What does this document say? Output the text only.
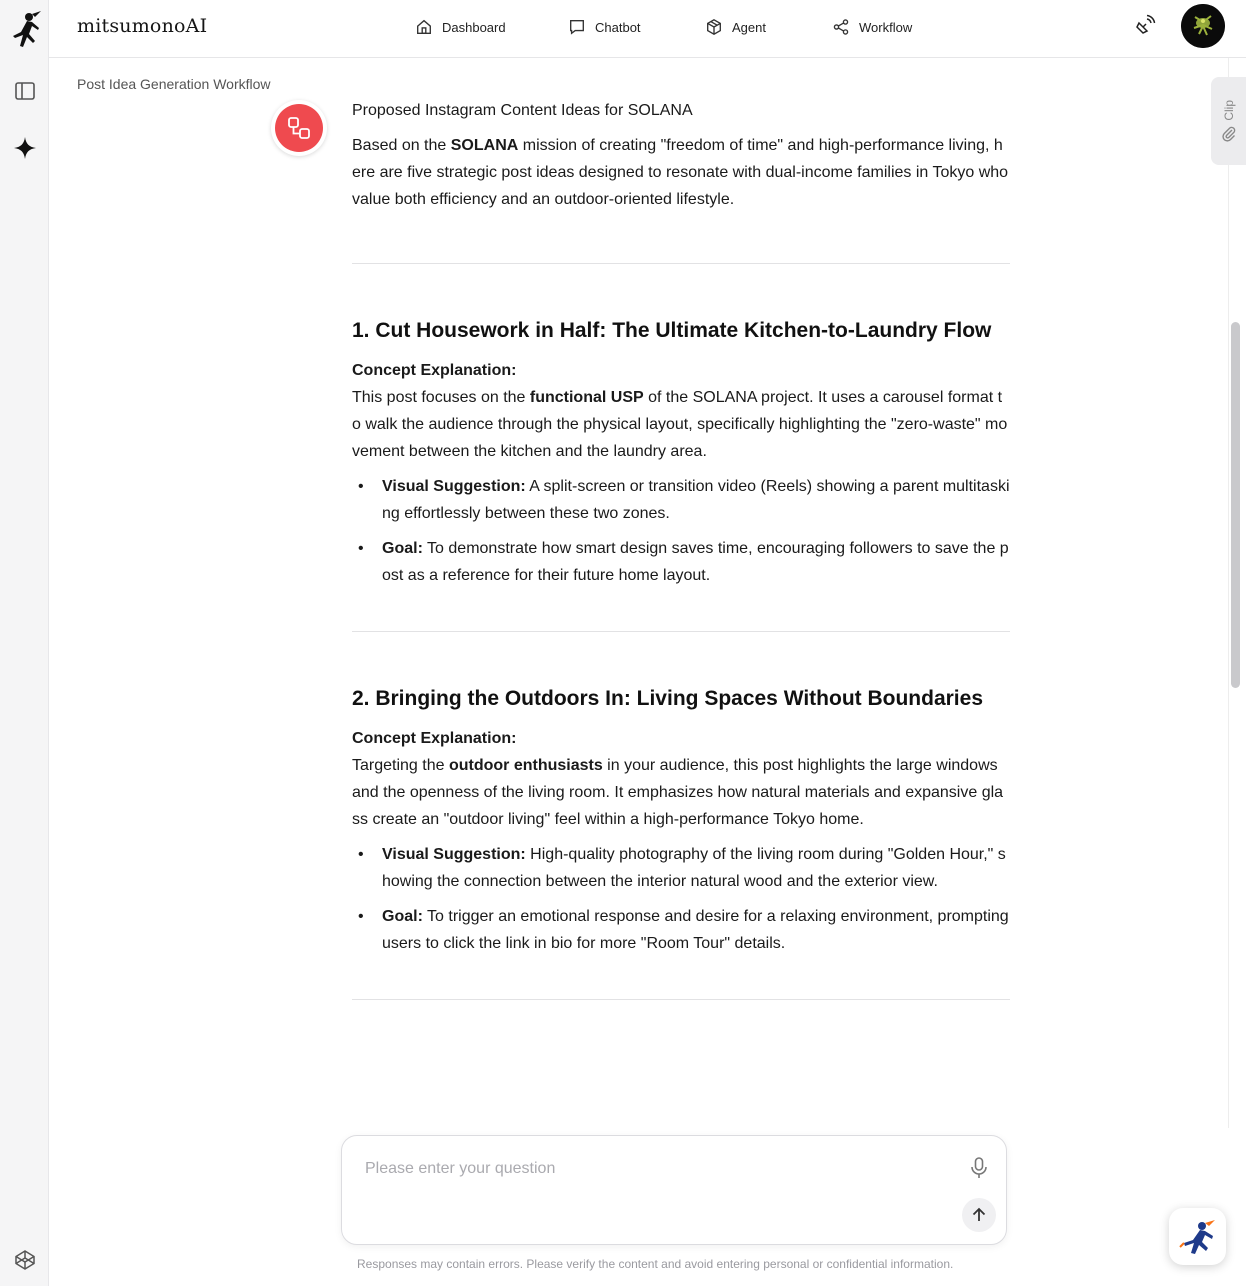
mitsumonoAI	Dashboard	Chatbot	Agent	Workflow
Post Idea Generation Workflow
Proposed Instagram Content Ideas for SOLANA

Based on the SOLANA mission of creating "freedom of time" and high-performance living, here are five strategic post ideas designed to resonate with dual-income families in Tokyo who value both efficiency and an outdoor-oriented lifestyle.

1. Cut Housework in Half: The Ultimate Kitchen-to-Laundry Flow
Concept Explanation:

This post focuses on the functional USP of the SOLANA project. It uses a carousel format to walk the audience through the physical layout, specifically highlighting the "zero-waste" movement between the kitchen and the laundry area.

• Visual Suggestion: A split-screen or transition video (Reels) showing a parent multitasking effortlessly between these two zones.
• Goal: To demonstrate how smart design saves time, encouraging followers to save the post as a reference for their future home layout.
2. Bringing the Outdoors In: Living Spaces Without Boundaries
Concept Explanation:

Targeting the outdoor enthusiasts in your audience, this post highlights the large windows and the openness of the living room. It emphasizes how natural materials and expansive glass create an "outdoor living" feel within a high-performance Tokyo home.

• Visual Suggestion: High-quality photography of the living room during "Golden Hour," showing the connection between the interior natural wood and the exterior view.
• Goal: To trigger an emotional response and desire for a relaxing environment, prompting users to click the link in bio for more "Room Tour" details.
Clip
Please enter your question
Responses may contain errors. Please verify the content and avoid entering personal or confidential information.
